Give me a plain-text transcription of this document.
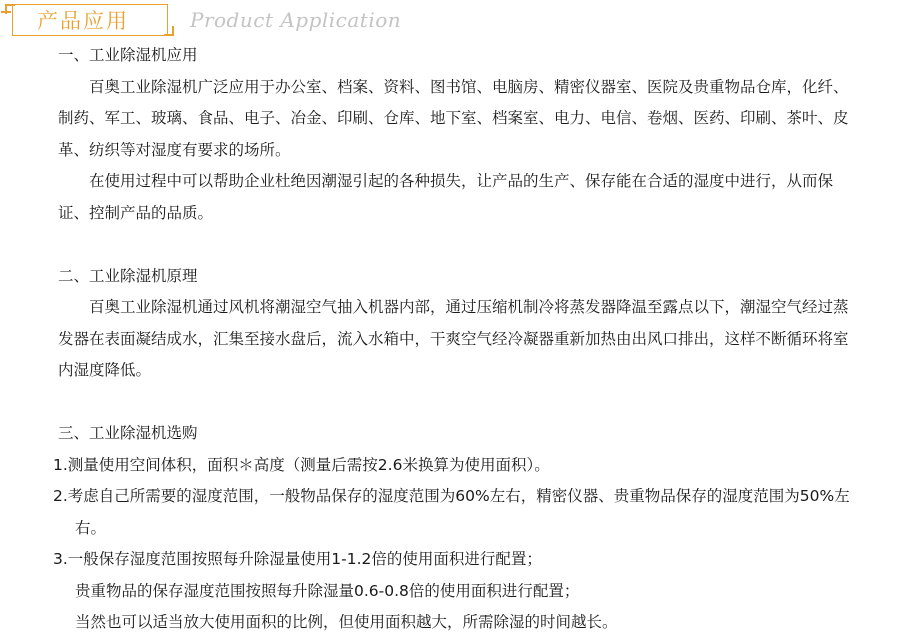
产品应用	Product Application

一、工业除湿机应用

百奥工业除湿机广泛应用于办公室、档案、资料、图书馆、电脑房、精密仪器室、医院及贵重物品仓库，化纤、制药、军工、玻璃、食品、电子、冶金、印刷、仓库、地下室、档案室、电力、电信、卷烟、医药、印刷、茶叶、皮革、纺织等对湿度有要求的场所。

在使用过程中可以帮助企业杜绝因潮湿引起的各种损失，让产品的生产、保存能在合适的湿度中进行，从而保证、控制产品的品质。

二、工业除湿机原理

百奥工业除湿机通过风机将潮湿空气抽入机器内部，通过压缩机制冷将蒸发器降温至露点以下，潮湿空气经过蒸发器在表面凝结成水，汇集至接水盘后，流入水箱中，干爽空气经冷凝器重新加热由出风口排出，这样不断循环将室内湿度降低。

三、工业除湿机选购

1.测量使用空间体积，面积＊高度（测量后需按2.6米换算为使用面积）。

2.考虑自己所需要的湿度范围，一般物品保存的湿度范围为60%左右，精密仪器、贵重物品保存的湿度范围为50%左右。

3.一般保存湿度范围按照每升除湿量使用1-1.2倍的使用面积进行配置；

贵重物品的保存湿度范围按照每升除湿量0.6-0.8倍的使用面积进行配置；

当然也可以适当放大使用面积的比例，但使用面积越大，所需除湿的时间越长。
